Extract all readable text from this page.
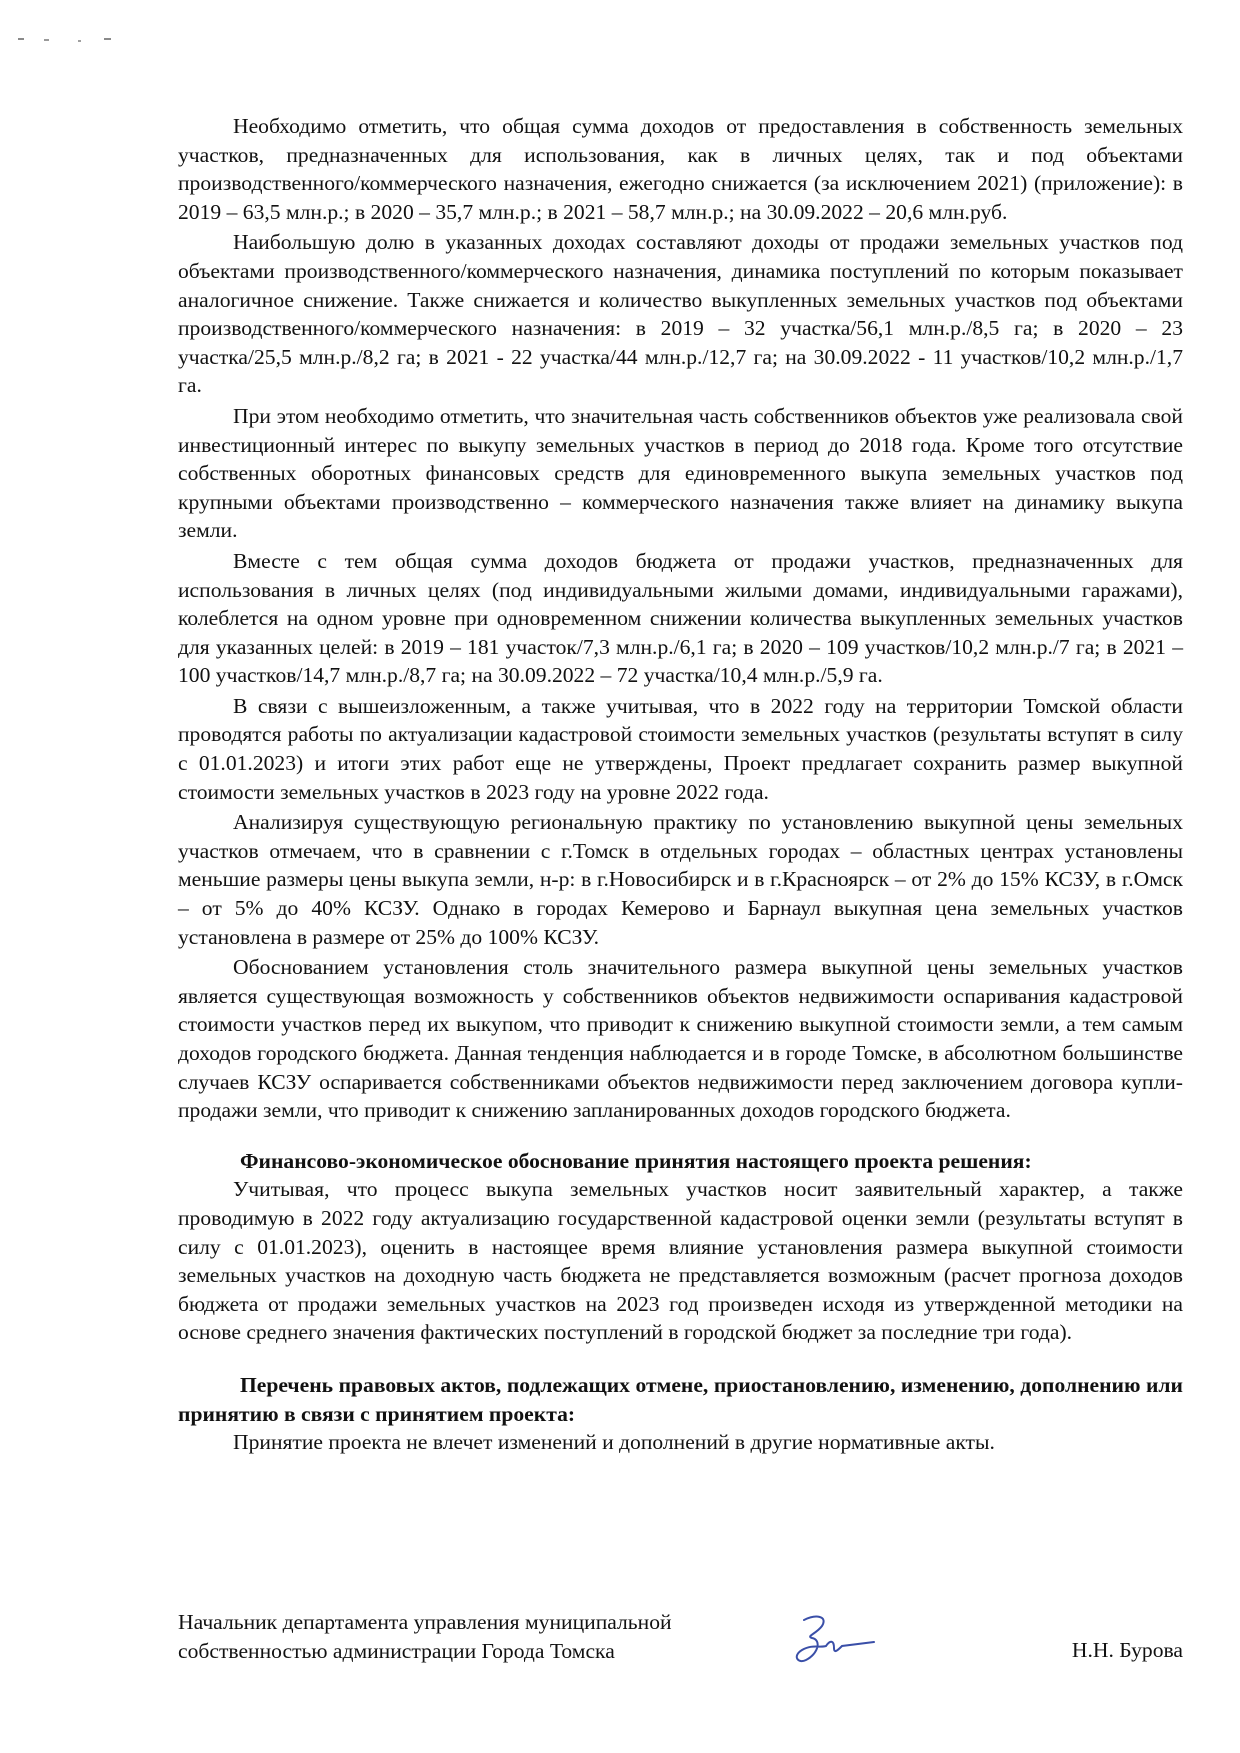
Необходимо отметить, что общая сумма доходов от предоставления в собственность земельных участков, предназначенных для использования, как в личных целях, так и под объектами производственного/коммерческого назначения, ежегодно снижается (за исключением 2021) (приложение): в 2019 – 63,5 млн.р.; в 2020 – 35,7 млн.р.; в 2021 – 58,7 млн.р.; на 30.09.2022 – 20,6 млн.руб.

Наибольшую долю в указанных доходах составляют доходы от продажи земельных участков под объектами производственного/коммерческого назначения, динамика поступлений по которым показывает аналогичное снижение. Также снижается и количество выкупленных земельных участков под объектами производственного/коммерческого назначения: в 2019 – 32 участка/56,1 млн.р./8,5 га; в 2020 – 23 участка/25,5 млн.р./8,2 га; в 2021 - 22 участка/44 млн.р./12,7 га; на 30.09.2022 - 11 участков/10,2 млн.р./1,7 га.

При этом необходимо отметить, что значительная часть собственников объектов уже реализовала свой инвестиционный интерес по выкупу земельных участков в период до 2018 года. Кроме того отсутствие собственных оборотных финансовых средств для единовременного выкупа земельных участков под крупными объектами производственно – коммерческого назначения также влияет на динамику выкупа земли.

Вместе с тем общая сумма доходов бюджета от продажи участков, предназначенных для использования в личных целях (под индивидуальными жилыми домами, индивидуальными гаражами), колеблется на одном уровне при одновременном снижении количества выкупленных земельных участков для указанных целей: в 2019 – 181 участок/7,3 млн.р./6,1 га; в 2020 – 109 участков/10,2 млн.р./7 га; в 2021 – 100 участков/14,7 млн.р./8,7 га; на 30.09.2022 – 72 участка/10,4 млн.р./5,9 га.

В связи с вышеизложенным, а также учитывая, что в 2022 году на территории Томской области проводятся работы по актуализации кадастровой стоимости земельных участков (результаты вступят в силу с 01.01.2023) и итоги этих работ еще не утверждены, Проект предлагает сохранить размер выкупной стоимости земельных участков в 2023 году на уровне 2022 года.

Анализируя существующую региональную практику по установлению выкупной цены земельных участков отмечаем, что в сравнении с г.Томск в отдельных городах – областных центрах установлены меньшие размеры цены выкупа земли, н-р: в г.Новосибирск и в г.Красноярск – от 2% до 15% КСЗУ, в г.Омск – от 5% до 40% КСЗУ. Однако в городах Кемерово и Барнаул выкупная цена земельных участков установлена в размере от 25% до 100% КСЗУ.

Обоснованием установления столь значительного размера выкупной цены земельных участков является существующая возможность у собственников объектов недвижимости оспаривания кадастровой стоимости участков перед их выкупом, что приводит к снижению выкупной стоимости земли, а тем самым доходов городского бюджета. Данная тенденция наблюдается и в городе Томске, в абсолютном большинстве случаев КСЗУ оспаривается собственниками объектов недвижимости перед заключением договора купли-продажи земли, что приводит к снижению запланированных доходов городского бюджета.

Финансово-экономическое обоснование принятия настоящего проекта решения:

Учитывая, что процесс выкупа земельных участков носит заявительный характер, а также проводимую в 2022 году актуализацию государственной кадастровой оценки земли (результаты вступят в силу с 01.01.2023), оценить в настоящее время влияние установления размера выкупной стоимости земельных участков на доходную часть бюджета не представляется возможным (расчет прогноза доходов бюджета от продажи земельных участков на 2023 год произведен исходя из утвержденной методики на основе среднего значения фактических поступлений в городской бюджет за последние три года).

Перечень правовых актов, подлежащих отмене, приостановлению, изменению, дополнению или принятию в связи с принятием проекта:

Принятие проекта не влечет изменений и дополнений в другие нормативные акты.

Начальник департамента управления муниципальной
собственностью администрации Города Томска	Н.Н. Бурова
